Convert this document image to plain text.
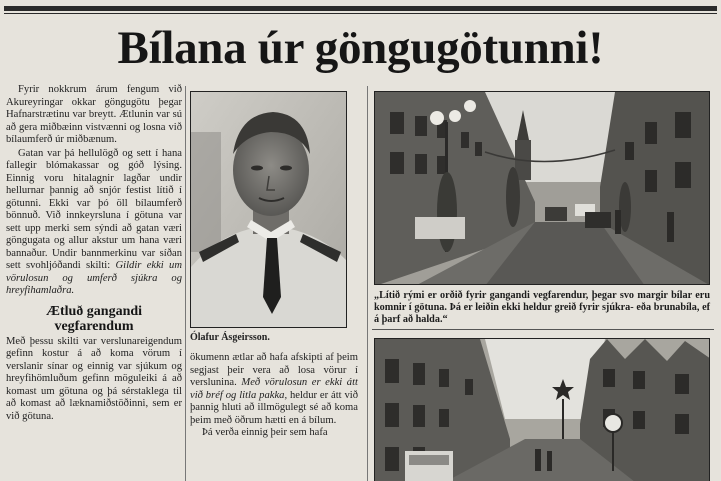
Bílana úr göngugötunni!

Fyrir nokkrum árum fengum við Akureyringar okkar göngugötu þegar Hafnarstrætinu var breytt. Ætlunin var sú að gera miðbæinn vistvænni og losna við bílaumferð úr miðbænum.

Gatan var þá hellulögð og sett í hana fallegir blómakassar og góð lýsing. Einnig voru hitalagnir lagðar undir hellurnar þannig að snjór festist lítið í götunni. Ekki var þó öll bílaumferð bönnuð. Við innkeyrsluna í götuna var sett upp merki sem sýndi að gatan væri göngugata og allur akstur um hana væri bannaður. Undir bannmerkinu var síðan sett svohljóðandi skilti: Gildir ekki um vörulosun og umferð sjúkra og hreyfihamlaðra.

Ætluð gangandi vegfarendum

Með þessu skilti var verslunareigendum gefinn kostur á að koma vörum í verslanir sínar og einnig var sjúkum og hreyfihömluðum gefinn möguleiki á að komast um götuna og þá sérstaklega til að komast að læknamiðstöðinni, sem er við götuna.

Ólafur Ásgeirsson.

ökumenn ætlar að hafa afskipti af þeim segjast þeir vera að losa vörur í verslunina. Með vörulosun er ekki átt við bréf og litla pakka, heldur er átt við þannig hluti að illmögulegt sé að koma þeim með öðrum hætti en á bílum.

Þá verða einnig þeir sem hafa

„Lítið rými er orðið fyrir gangandi vegfarendur, þegar svo margir bílar eru komnir í götuna. Þá er leiðin ekki heldur greið fyrir sjúkra- eða brunabíla, ef á þarf að halda.“
